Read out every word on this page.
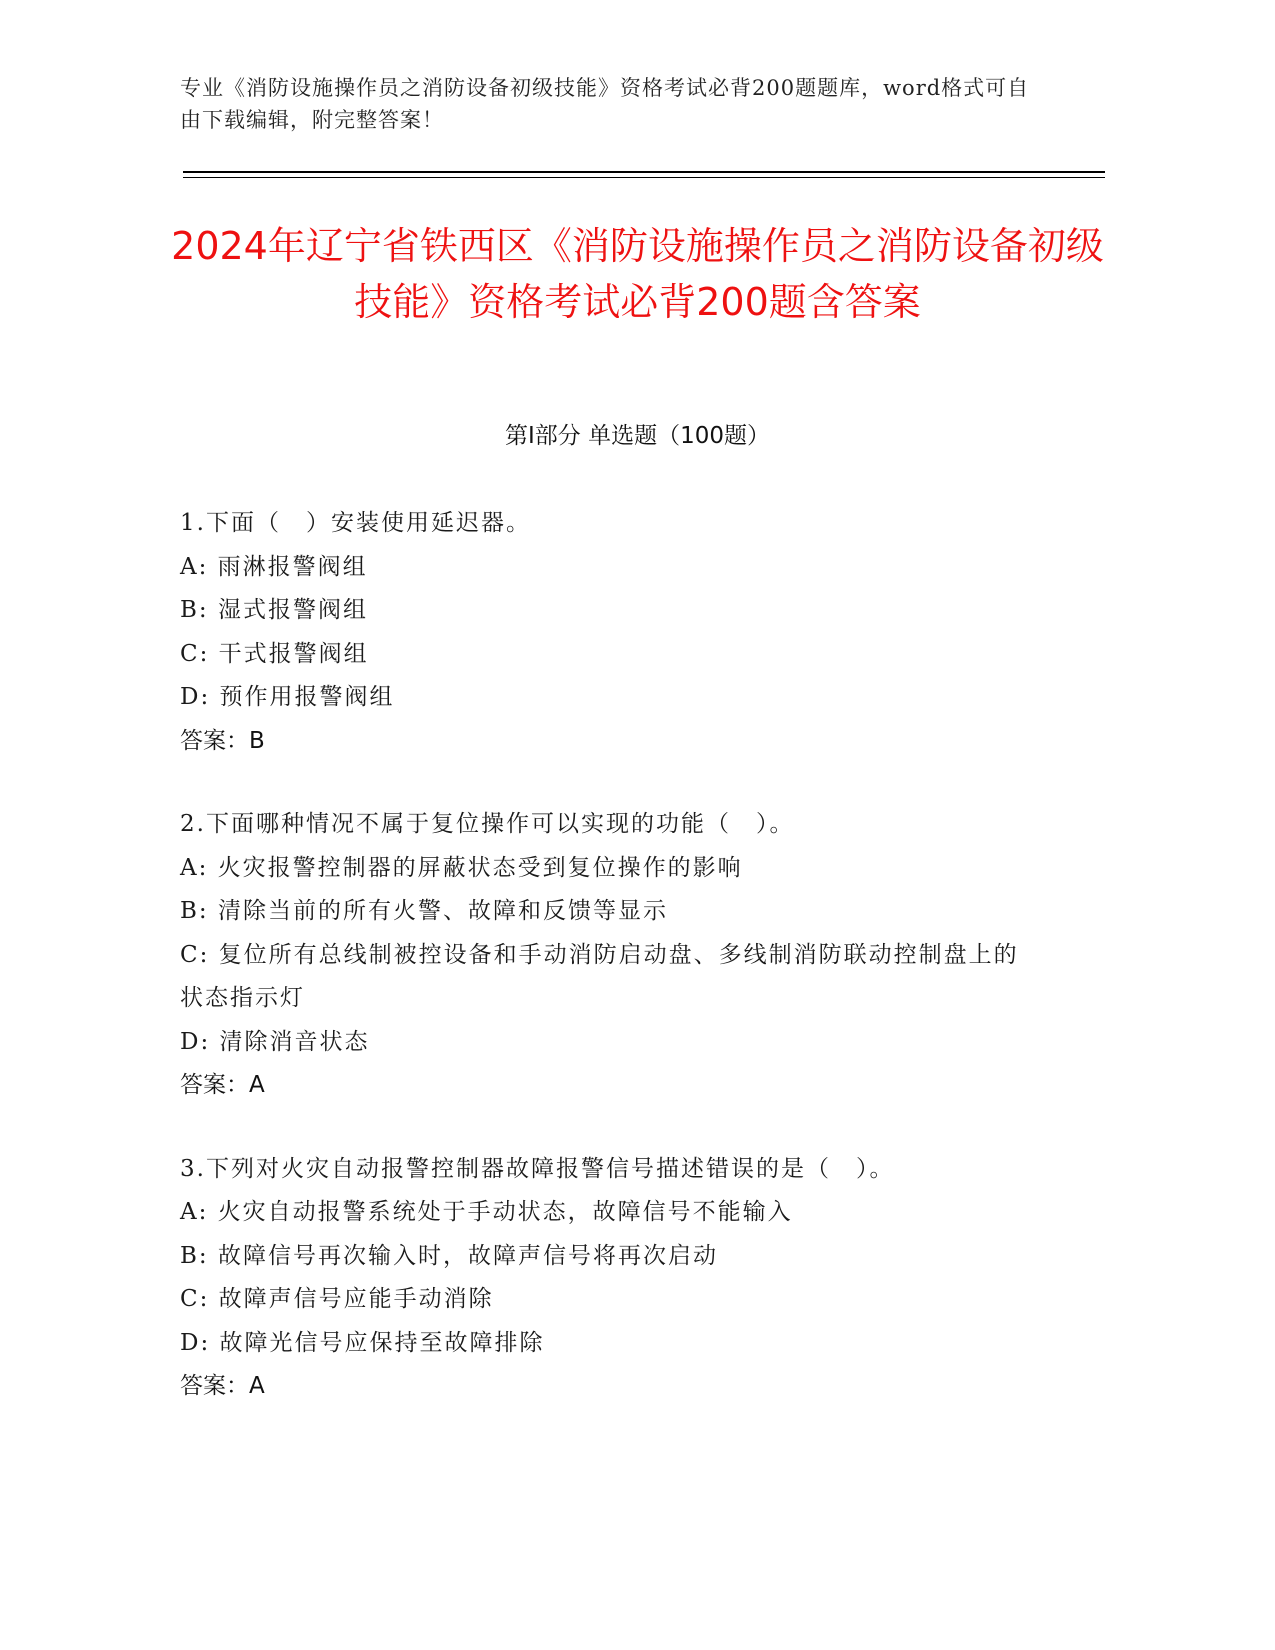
专业《消防设施操作员之消防设备初级技能》资格考试必背200题题库，word格式可自由下载编辑，附完整答案！
2024年辽宁省铁西区《消防设施操作员之消防设备初级技能》资格考试必背200题含答案
第Ⅰ部分 单选题（100题）
1.下面（　）安装使用延迟器。
A: 雨淋报警阀组
B: 湿式报警阀组
C: 干式报警阀组
D: 预作用报警阀组
答案：B
2.下面哪种情况不属于复位操作可以实现的功能（　）。
A: 火灾报警控制器的屏蔽状态受到复位操作的影响
B: 清除当前的所有火警、故障和反馈等显示
C: 复位所有总线制被控设备和手动消防启动盘、多线制消防联动控制盘上的状态指示灯
D: 清除消音状态
答案：A
3.下列对火灾自动报警控制器故障报警信号描述错误的是（　）。
A: 火灾自动报警系统处于手动状态，故障信号不能输入
B: 故障信号再次输入时，故障声信号将再次启动
C: 故障声信号应能手动消除
D: 故障光信号应保持至故障排除
答案：A
